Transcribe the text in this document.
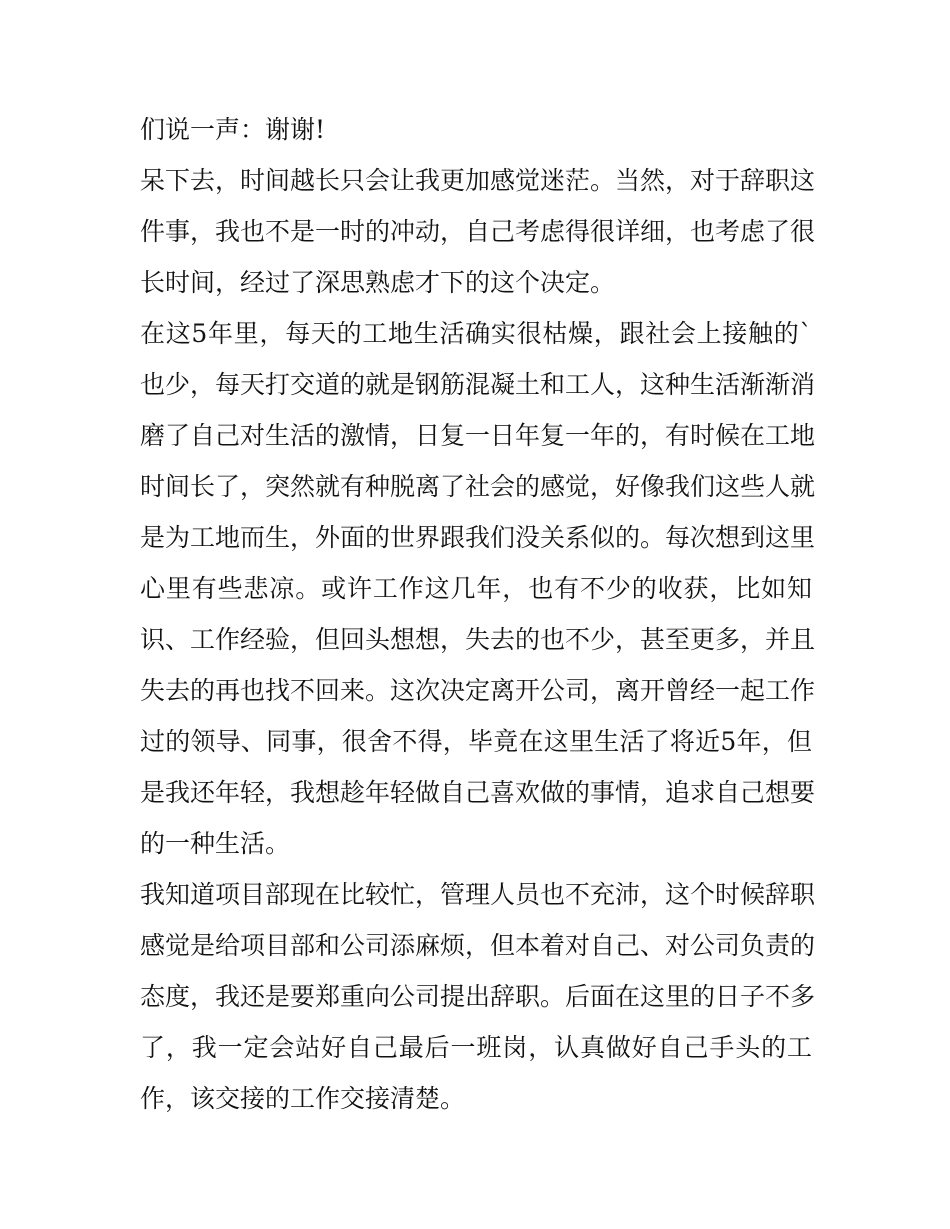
们说一声：谢谢!
呆下去，时间越长只会让我更加感觉迷茫。当然，对于辞职这
件事，我也不是一时的冲动，自己考虑得很详细，也考虑了很
长时间，经过了深思熟虑才下的这个决定。
在这5年里，每天的工地生活确实很枯燥，跟社会上接触的`
也少，每天打交道的就是钢筋混凝土和工人，这种生活渐渐消
磨了自己对生活的激情，日复一日年复一年的，有时候在工地
时间长了，突然就有种脱离了社会的感觉，好像我们这些人就
是为工地而生，外面的世界跟我们没关系似的。每次想到这里
心里有些悲凉。或许工作这几年，也有不少的收获，比如知
识、工作经验，但回头想想，失去的也不少，甚至更多，并且
失去的再也找不回来。这次决定离开公司，离开曾经一起工作
过的领导、同事，很舍不得，毕竟在这里生活了将近5年，但
是我还年轻，我想趁年轻做自己喜欢做的事情，追求自己想要
的一种生活。
我知道项目部现在比较忙，管理人员也不充沛，这个时候辞职
感觉是给项目部和公司添麻烦，但本着对自己、对公司负责的
态度，我还是要郑重向公司提出辞职。后面在这里的日子不多
了，我一定会站好自己最后一班岗，认真做好自己手头的工
作，该交接的工作交接清楚。
